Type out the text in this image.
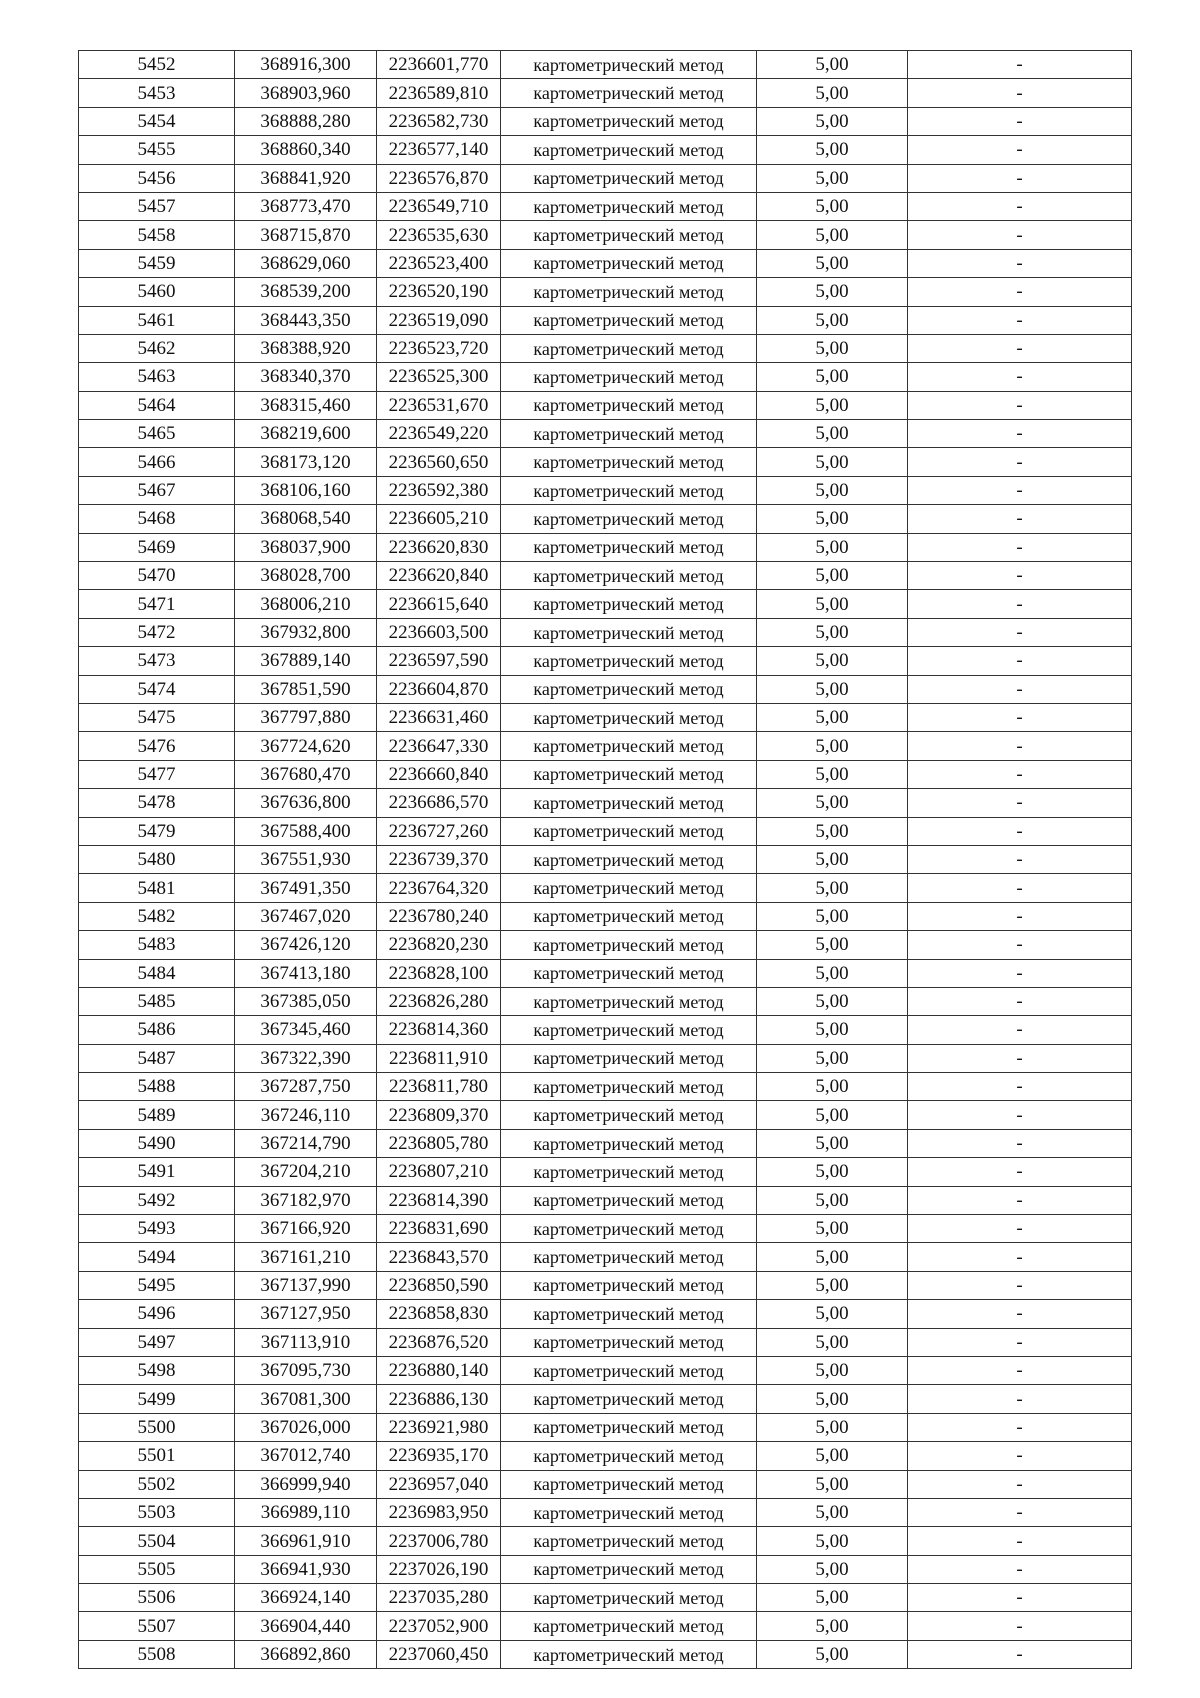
5452	368916,300	2236601,770	картометрический метод	5,00	-
5453	368903,960	2236589,810	картометрический метод	5,00	-
5454	368888,280	2236582,730	картометрический метод	5,00	-
5455	368860,340	2236577,140	картометрический метод	5,00	-
5456	368841,920	2236576,870	картометрический метод	5,00	-
5457	368773,470	2236549,710	картометрический метод	5,00	-
5458	368715,870	2236535,630	картометрический метод	5,00	-
5459	368629,060	2236523,400	картометрический метод	5,00	-
5460	368539,200	2236520,190	картометрический метод	5,00	-
5461	368443,350	2236519,090	картометрический метод	5,00	-
5462	368388,920	2236523,720	картометрический метод	5,00	-
5463	368340,370	2236525,300	картометрический метод	5,00	-
5464	368315,460	2236531,670	картометрический метод	5,00	-
5465	368219,600	2236549,220	картометрический метод	5,00	-
5466	368173,120	2236560,650	картометрический метод	5,00	-
5467	368106,160	2236592,380	картометрический метод	5,00	-
5468	368068,540	2236605,210	картометрический метод	5,00	-
5469	368037,900	2236620,830	картометрический метод	5,00	-
5470	368028,700	2236620,840	картометрический метод	5,00	-
5471	368006,210	2236615,640	картометрический метод	5,00	-
5472	367932,800	2236603,500	картометрический метод	5,00	-
5473	367889,140	2236597,590	картометрический метод	5,00	-
5474	367851,590	2236604,870	картометрический метод	5,00	-
5475	367797,880	2236631,460	картометрический метод	5,00	-
5476	367724,620	2236647,330	картометрический метод	5,00	-
5477	367680,470	2236660,840	картометрический метод	5,00	-
5478	367636,800	2236686,570	картометрический метод	5,00	-
5479	367588,400	2236727,260	картометрический метод	5,00	-
5480	367551,930	2236739,370	картометрический метод	5,00	-
5481	367491,350	2236764,320	картометрический метод	5,00	-
5482	367467,020	2236780,240	картометрический метод	5,00	-
5483	367426,120	2236820,230	картометрический метод	5,00	-
5484	367413,180	2236828,100	картометрический метод	5,00	-
5485	367385,050	2236826,280	картометрический метод	5,00	-
5486	367345,460	2236814,360	картометрический метод	5,00	-
5487	367322,390	2236811,910	картометрический метод	5,00	-
5488	367287,750	2236811,780	картометрический метод	5,00	-
5489	367246,110	2236809,370	картометрический метод	5,00	-
5490	367214,790	2236805,780	картометрический метод	5,00	-
5491	367204,210	2236807,210	картометрический метод	5,00	-
5492	367182,970	2236814,390	картометрический метод	5,00	-
5493	367166,920	2236831,690	картометрический метод	5,00	-
5494	367161,210	2236843,570	картометрический метод	5,00	-
5495	367137,990	2236850,590	картометрический метод	5,00	-
5496	367127,950	2236858,830	картометрический метод	5,00	-
5497	367113,910	2236876,520	картометрический метод	5,00	-
5498	367095,730	2236880,140	картометрический метод	5,00	-
5499	367081,300	2236886,130	картометрический метод	5,00	-
5500	367026,000	2236921,980	картометрический метод	5,00	-
5501	367012,740	2236935,170	картометрический метод	5,00	-
5502	366999,940	2236957,040	картометрический метод	5,00	-
5503	366989,110	2236983,950	картометрический метод	5,00	-
5504	366961,910	2237006,780	картометрический метод	5,00	-
5505	366941,930	2237026,190	картометрический метод	5,00	-
5506	366924,140	2237035,280	картометрический метод	5,00	-
5507	366904,440	2237052,900	картометрический метод	5,00	-
5508	366892,860	2237060,450	картометрический метод	5,00	-
